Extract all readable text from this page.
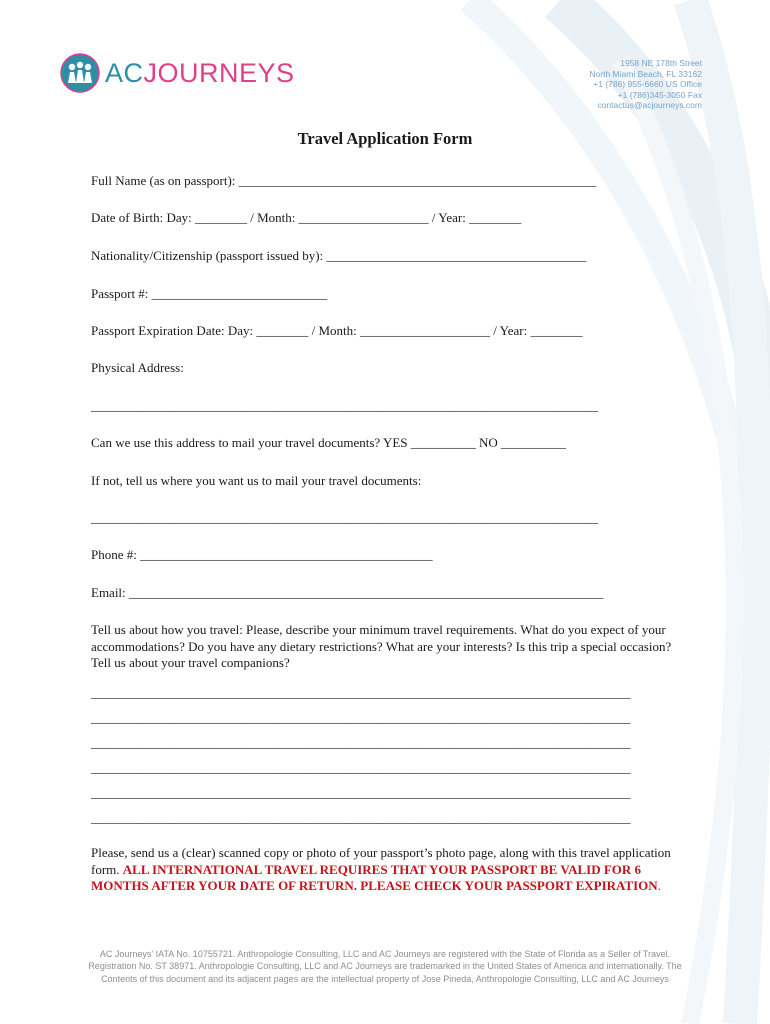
ACJOURNEYS	1958 NE 178th Street
North Miami Beach, FL 33162
+1 (786) 955-6660 US Office
+1 (786)345-3050 Fax
contactus@acjourneys.com
Travel Application Form
Full Name (as on passport): _______________________________________________________
Date of Birth: Day: ________ / Month: ____________________ / Year: ________
Nationality/Citizenship (passport issued by): ________________________________________
Passport #: ___________________________
Passport Expiration Date: Day: ________ / Month: ____________________ / Year: ________
Physical Address:
______________________________________________________________________________
Can we use this address to mail your travel documents? YES __________ NO __________
If not, tell us where you want us to mail your travel documents:
______________________________________________________________________________
Phone #: _____________________________________________
Email: _________________________________________________________________________
Tell us about how you travel: Please, describe your minimum travel requirements. What do you expect of your accommodations? Do you have any dietary restrictions? What are your interests? Is this trip a special occasion? Tell us about your travel companions?
___________________________________________________________________________________
___________________________________________________________________________________
___________________________________________________________________________________
___________________________________________________________________________________
___________________________________________________________________________________
___________________________________________________________________________________
Please, send us a (clear) scanned copy or photo of your passport’s photo page, along with this travel application form. ALL INTERNATIONAL TRAVEL REQUIRES THAT YOUR PASSPORT BE VALID FOR 6 MONTHS AFTER YOUR DATE OF RETURN. PLEASE CHECK YOUR PASSPORT EXPIRATION.
AC Journeys' IATA No. 10755721. Anthropologie Consulting, LLC and AC Journeys are registered with the State of Florida as a Seller of Travel. Registration No. ST 38971. Anthropologie Consulting, LLC and AC Journeys are trademarked in the United States of America and internationally. The Contents of this document and its adjacent pages are the intellectual property of Jose Pineda, Anthropologie Consulting, LLC and AC Journeys
